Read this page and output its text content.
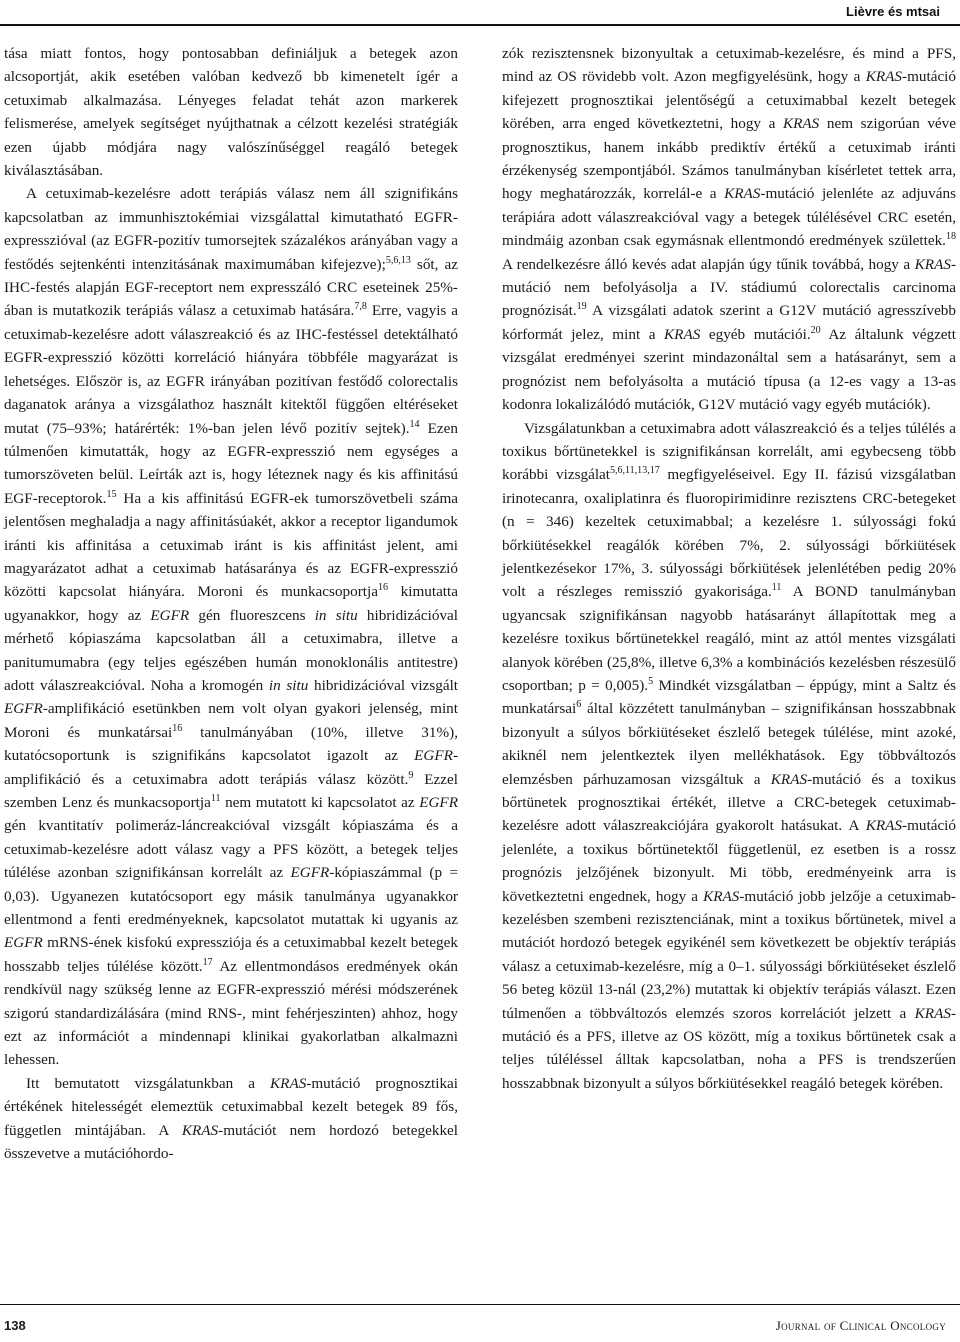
Lièvre és mtsai

tása miatt fontos, hogy pontosabban definiáljuk a betegek azon alcsoportját, akik esetében valóban kedvező bb kimenetelt ígér a cetuximab alkalmazása. Lényeges feladat tehát azon markerek felismerése, amelyek segítséget nyújthatnak a célzott kezelési stratégiák ezen újabb módjára nagy valószínűséggel reagáló betegek kiválasztásában.

A cetuximab-kezelésre adott terápiás válasz nem áll szignifikáns kapcsolatban az immunhisztokémiai vizsgálattal kimutatható EGFR-expresszióval (az EGFR-pozitív tumorsejtek százalékos arányában vagy a festődés sejtenkénti intenzitásának maximumában kifejezve);$^{5,6,13}$ sőt, az IHC-festés alapján EGF-receptort nem expresszáló CRC eseteinek 25%-ában is mutatkozik terápiás válasz a cetuximab hatására.$^{7,8}$ Erre, vagyis a cetuximab-kezelésre adott válaszreakció és az IHC-festéssel detektálható EGFR-expresszió közötti korreláció hiányára többféle magyarázat is lehetséges. Először is, az EGFR irányában pozitívan festődő colorectalis daganatok aránya a vizsgálathoz használt kitektől függően eltéréseket mutat (75–93%; határérték: 1%-ban jelen lévő pozitív sejtek).$^{14}$ Ezen túlmenően kimutatták, hogy az EGFR-expresszió nem egységes a tumorszöveten belül. Leírták azt is, hogy léteznek nagy és kis affinitású EGF-receptorok.$^{15}$ Ha a kis affinitású EGFR-ek tumorszövetbeli száma jelentősen meghaladja a nagy affinitásúakét, akkor a receptor ligandumok iránti kis affinitása a cetuximab iránt is kis affinitást jelent, ami magyarázatot adhat a cetuximab hatásaránya és az EGFR-expresszió közötti kapcsolat hiányára. Moroni és munkacsoportja$^{16}$ kimutatta ugyanakkor, hogy az EGFR gén fluoreszcens in situ hibridizációval mérhető kópiaszáma kapcsolatban áll a cetuximabra, illetve a panitumumabra (egy teljes egészében humán monoklonális antitestre) adott válaszreakcióval. Noha a kromogén in situ hibridizációval vizsgált EGFR-amplifikáció esetünkben nem volt olyan gyakori jelenség, mint Moroni és munkatársai$^{16}$ tanulmányában (10%, illetve 31%), kutatócsoportunk is szignifikáns kapcsolatot igazolt az EGFR-amplifikáció és a cetuximabra adott terápiás válasz között.$^9$ Ezzel szemben Lenz és munkacsoportja$^{11}$ nem mutatott ki kapcsolatot az EGFR gén kvantitatív polimeráz-láncreakcióval vizsgált kópiaszáma és a cetuximab-kezelésre adott válasz vagy a PFS között, a betegek teljes túlélése azonban szignifikánsan korrelált az EGFR-kópiaszámmal (p = 0,03). Ugyanezen kutatócsoport egy másik tanulmánya ugyanakkor ellentmond a fenti eredményeknek, kapcsolatot mutattak ki ugyanis az EGFR mRNS-ének kisfokú expressziója és a cetuximabbal kezelt betegek hosszabb teljes túlélése között.$^{17}$ Az ellentmondásos eredmények okán rendkívül nagy szükség lenne az EGFR-expresszió mérési módszerének szigorú standardizálására (mind RNS-, mint fehérjeszinten) ahhoz, hogy ezt az információt a mindennapi klinikai gyakorlatban alkalmazni lehessen.

Itt bemutatott vizsgálatunkban a KRAS-mutáció prognosztikai értékének hitelességét elemeztük cetuximabbal kezelt betegek 89 fős, független mintájában. A KRAS-mutációt nem hordozó betegekkel összevetve a mutációhordo-

zók rezisztensnek bizonyultak a cetuximab-kezelésre, és mind a PFS, mind az OS rövidebb volt. Azon megfigyelésünk, hogy a KRAS-mutáció kifejezett prognosztikai jelentőségű a cetuximabbal kezelt betegek körében, arra enged következtetni, hogy a KRAS nem szigorúan véve prognosztikus, hanem inkább prediktív értékű a cetuximab iránti érzékenység szempontjából. Számos tanulmányban kísérletet tettek arra, hogy meghatározzák, korrelál-e a KRAS-mutáció jelenléte az adjuváns terápiára adott válaszreakcióval vagy a betegek túlélésével CRC esetén, mindmáig azonban csak egymásnak ellentmondó eredmények születtek.$^{18}$ A rendelkezésre álló kevés adat alapján úgy tűnik továbbá, hogy a KRAS-mutáció nem befolyásolja a IV. stádiumú colorectalis carcinoma prognózisát.$^{19}$ A vizsgálati adatok szerint a G12V mutáció agresszívebb kórformát jelez, mint a KRAS egyéb mutációi.$^{20}$ Az általunk végzett vizsgálat eredményei szerint mindazonáltal sem a hatásarányt, sem a prognózist nem befolyásolta a mutáció típusa (a 12-es vagy a 13-as kodonra lokalizálódó mutációk, G12V mutáció vagy egyéb mutációk).

Vizsgálatunkban a cetuximabra adott válaszreakció és a teljes túlélés a toxikus bőrtünetekkel is szignifikánsan korrelált, ami egybecseng több korábbi vizsgálat$^{5,6,11,13,17}$ megfigyeléseivel. Egy II. fázisú vizsgálatban irinotecanra, oxaliplatinra és fluoropirimidinre rezisztens CRC-betegeket (n = 346) kezeltek cetuximabbal; a kezelésre 1. súlyossági fokú bőrkiütésekkel reagálók körében 7%, 2. súlyossági bőrkiütések jelentkezésekor 17%, 3. súlyossági bőrkiütések jelenlétében pedig 20% volt a részleges remisszió gyakorisága.$^{11}$ A BOND tanulmányban ugyancsak szignifikánsan nagyobb hatásarányt állapítottak meg a kezelésre toxikus bőrtünetekkel reagáló, mint az attól mentes vizsgálati alanyok körében (25,8%, illetve 6,3% a kombinációs kezelésben részesülő csoportban; p = 0,005).$^5$ Mindkét vizsgálatban – éppúgy, mint a Saltz és munkatársai$^6$ által közzétett tanulmányban – szignifikánsan hosszabbnak bizonyult a súlyos bőrkiütéseket észlelő betegek túlélése, mint azoké, akiknél nem jelentkeztek ilyen mellékhatások. Egy többváltozós elemzésben párhuzamosan vizsgáltuk a KRAS-mutáció és a toxikus bőrtünetek prognosztikai értékét, illetve a CRC-betegek cetuximab-kezelésre adott válaszreakciójára gyakorolt hatásukat. A KRAS-mutáció jelenléte, a toxikus bőrtünetektől függetlenül, ez esetben is a rossz prognózis jelzőjének bizonyult. Mi több, eredményeink arra is következtetni engednek, hogy a KRAS-mutáció jobb jelzője a cetuximab-kezelésben szembeni rezisztenciának, mint a toxikus bőrtünetek, mivel a mutációt hordozó betegek egyikénél sem következett be objektív terápiás válasz a cetuximab-kezelésre, míg a 0–1. súlyossági bőrkiütéseket észlelő 56 beteg közül 13-nál (23,2%) mutattak ki objektív terápiás választ. Ezen túlmenően a többváltozós elemzés szoros korrelációt jelzett a KRAS-mutáció és a PFS, illetve az OS között, míg a toxikus bőrtünetek csak a teljes túléléssel álltak kapcsolatban, noha a PFS is trendszerűen hosszabbnak bizonyult a súlyos bőrkiütésekkel reagáló betegek körében.

138	Journal of Clinical Oncology
